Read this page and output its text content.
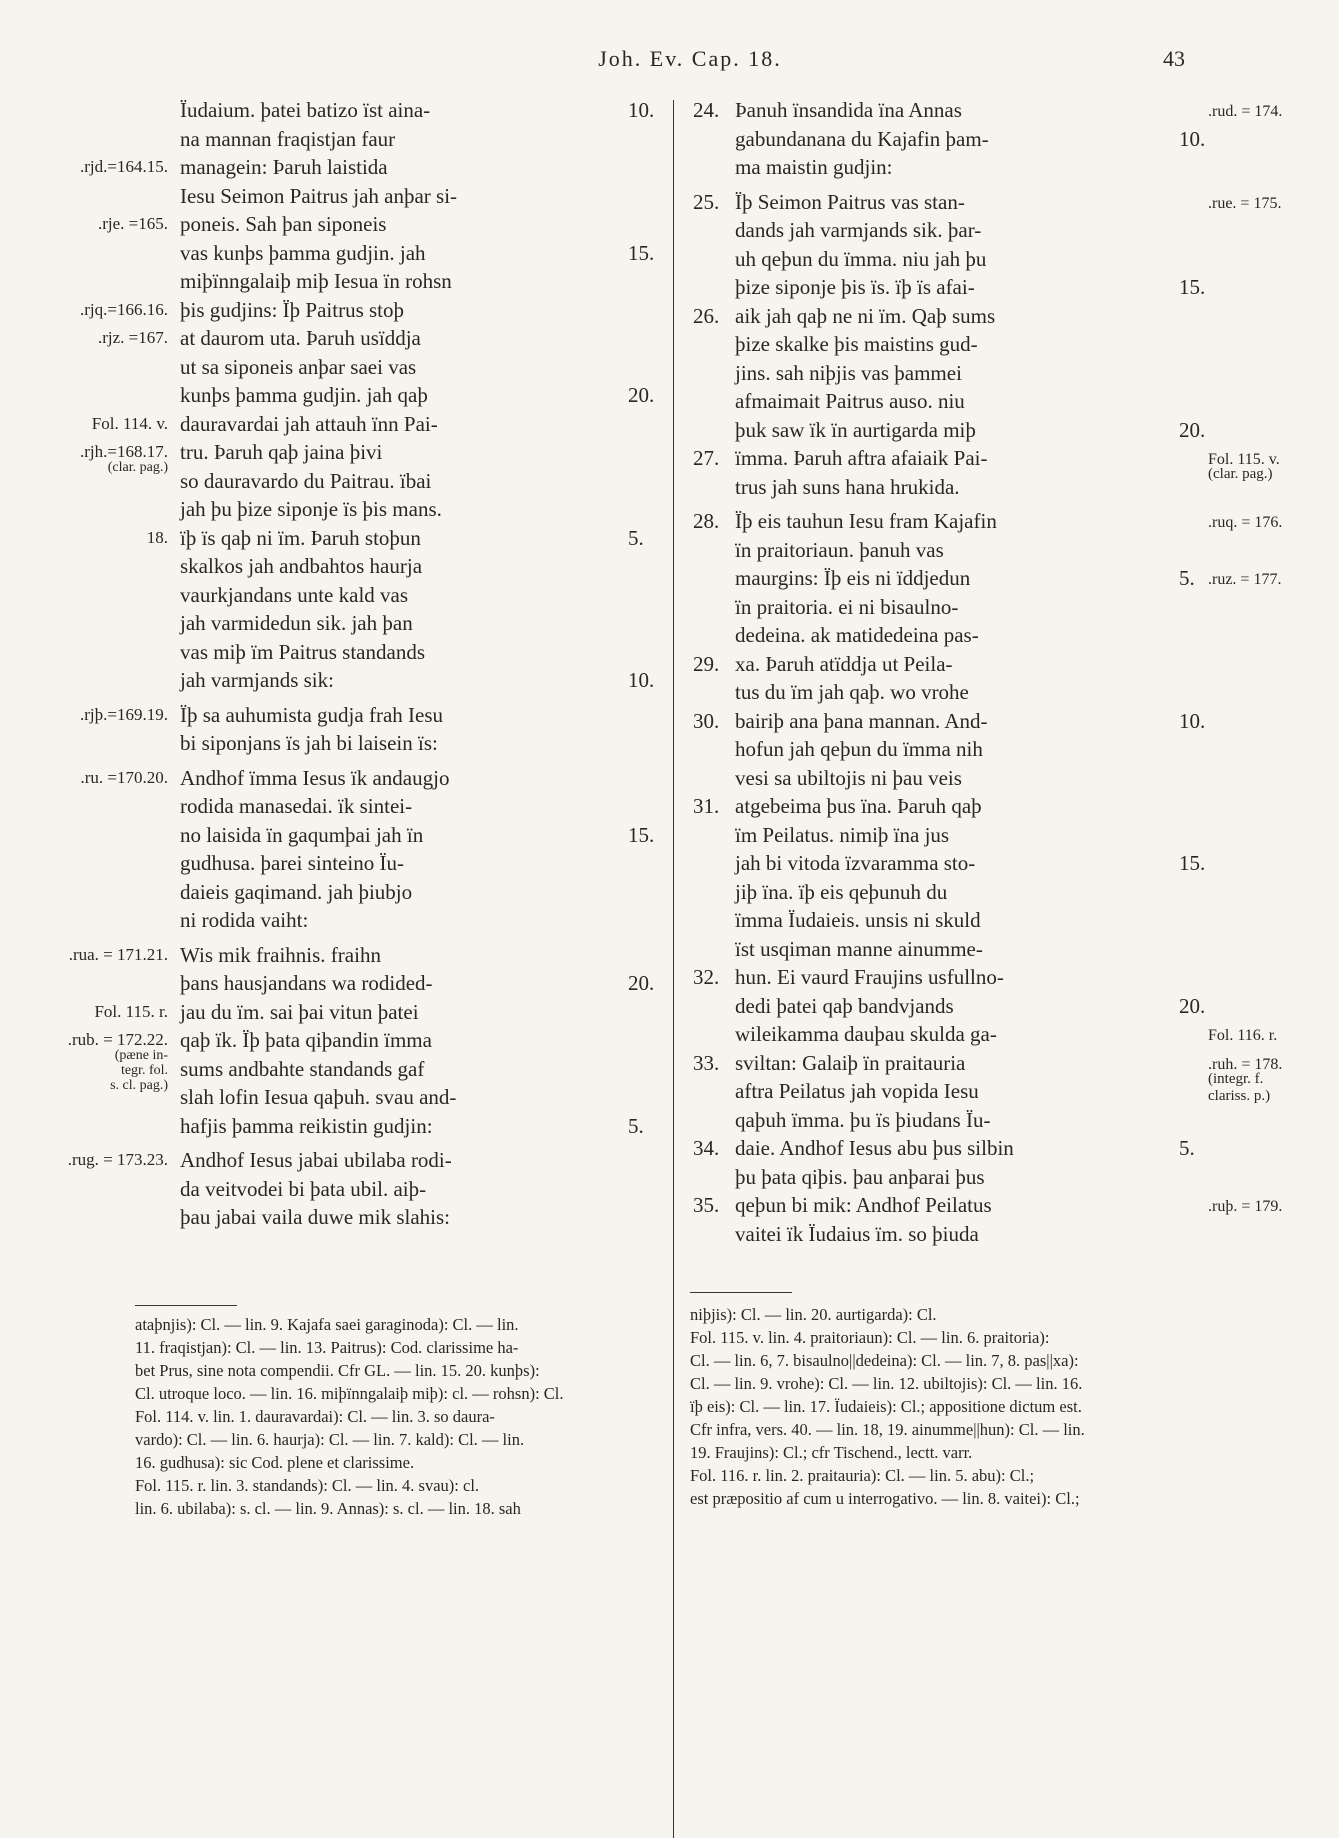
Joh. Ev. Cap. 18.	43
Ïudaium. þatei batizo ïst aina-	10.
na mannan fraqistjan faur
managein: Þaruh laistida
.rjd.=164.15.
Iesu Seimon Paitrus jah anþar si-
poneis. Sah þan siponeis
.rje. =165.
vas kunþs þamma gudjin. jah	15.
miþïnngalaiþ miþ Iesua ïn rohsn
þis gudjins: Ïþ Paitrus stoþ
.rjq.=166.16.
at daurom uta. Þaruh usïddja
.rjz. =167.
ut sa siponeis anþar saei vas
kunþs þamma gudjin. jah qaþ	20.
dauravardai jah attauh ïnn Pai-
Fol. 114. v.
tru. Þaruh qaþ jaina þivi
.rjh.=168.17.
(clar. pag.)
so dauravardo du Paitrau. ïbai
jah þu þize siponje ïs þis mans.
ïþ ïs qaþ ni ïm. Þaruh stoþun	5.
18.
skalkos jah andbahtos haurja
vaurkjandans unte kald vas
jah varmidedun sik. jah þan
vas miþ ïm Paitrus standands
jah varmjands sik:	10.
Ïþ sa auhumista gudja frah Iesu
.rjþ.=169.19.
bi siponjans ïs jah bi laisein ïs:
Andhof ïmma Iesus ïk andaugjo
.ru. =170.20.
rodida manasedai. ïk sintei-
no laisida ïn gaqumþai jah ïn	15.
gudhusa. þarei sinteino Ïu-
daieis gaqimand. jah þiubjo
ni rodida vaiht:
Wis mik fraihnis. fraihn
.rua. = 171.21.
þans hausjandans wa rodided-	20.
jau du ïm. sai þai vitun þatei
Fol. 115. r.
qaþ ïk. Ïþ þata qiþandin ïmma
.rub. = 172.22.
(pæne in-
tegr. fol.
s. cl. pag.)
sums andbahte standands gaf
slah lofin Iesua qaþuh. svau and-
hafjis þamma reikistin gudjin:	5.
Andhof Iesus jabai ubilaba rodi-
.rug. = 173.23.
da veitvodei bi þata ubil. aiþ-
þau jabai vaila duwe mik slahis:
24. Þanuh ïnsandida ïna Annas	.rud. = 174.
gabundanana du Kajafin þam-	10.
ma maistin gudjin:
25. Ïþ Seimon Paitrus vas stan-	.rue. = 175.
dands jah varmjands sik. þar-
uh qeþun du ïmma. niu jah þu
þize siponje þis ïs. ïþ ïs afai-	15.
26. aik jah qaþ ne ni ïm. Qaþ sums
þize skalke þis maistins gud-
jins. sah niþjis vas þammei
afmaimait Paitrus auso. niu
þuk saw ïk ïn aurtigarda miþ	20.
27. ïmma. Þaruh aftra afaiaik Pai-	Fol. 115. v.
(clar. pag.)
trus jah suns hana hrukida.
28. Ïþ eis tauhun Iesu fram Kajafin	.ruq. = 176.
ïn praitoriaun. þanuh vas
maurgins: Ïþ eis ni ïddjedun	5. .ruz. = 177.
ïn praitoria. ei ni bisaulno-
dedeina. ak matidedeina pas-
29. xa. Þaruh atïddja ut Peila-
tus du ïm jah qaþ. wo vrohe
30. bairiþ ana þana mannan. And-	10.
hofun jah qeþun du ïmma nih
vesi sa ubiltojis ni þau veis
31. atgebeima þus ïna. Þaruh qaþ
ïm Peilatus. nimiþ ïna jus
jah bi vitoda ïzvaramma sto-	15.
jiþ ïna. ïþ eis qeþunuh du
ïmma Ïudaieis. unsis ni skuld
ïst usqiman manne ainumme-
32. hun. Ei vaurd Fraujins usfullno-
dedi þatei qaþ bandvjands	20.
wileikamma dauþau skulda ga-	Fol. 116. r.
33. sviltan: Galaiþ ïn praitauria	.ruh. = 178.
(integr. f.
clariss. p.)
aftra Peilatus jah vopida Iesu
qaþuh ïmma. þu ïs þiudans Ïu-
34. daie. Andhof Iesus abu þus silbin	5.
þu þata qiþis. þau anþarai þus
35. qeþun bi mik: Andhof Peilatus	.ruþ. = 179.
vaitei ïk Ïudaius ïm. so þiuda

ataþnjis): Cl. — lin. 9. Kajafa saei garaginoda): Cl. — lin.

11. fraqistjan): Cl. — lin. 13. Paitrus): Cod. clarissime ha-

bet Prus, sine nota compendii. Cfr GL. — lin. 15. 20. kunþs):

Cl. utroque loco. — lin. 16. miþïnngalaiþ miþ): cl. — rohsn): Cl.

Fol. 114. v. lin. 1. dauravardai): Cl. — lin. 3. so daura-

vardo): Cl. — lin. 6. haurja): Cl. — lin. 7. kald): Cl. — lin.

16. gudhusa): sic Cod. plene et clarissime.

Fol. 115. r. lin. 3. standands): Cl. — lin. 4. svau): cl.

lin. 6. ubilaba): s. cl. — lin. 9. Annas): s. cl. — lin. 18. sah

niþjis): Cl. — lin. 20. aurtigarda): Cl.

Fol. 115. v. lin. 4. praitoriaun): Cl. — lin. 6. praitoria):

Cl. — lin. 6, 7. bisaulno||dedeina): Cl. — lin. 7, 8. pas||xa):

Cl. — lin. 9. vrohe): Cl. — lin. 12. ubiltojis): Cl. — lin. 16.

ïþ eis): Cl. — lin. 17. Ïudaieis): Cl.; appositione dictum est.

Cfr infra, vers. 40. — lin. 18, 19. ainumme||hun): Cl. — lin.

19. Fraujins): Cl.; cfr Tischend., lectt. varr.

Fol. 116. r. lin. 2. praitauria): Cl. — lin. 5. abu): Cl.;

est præpositio af cum u interrogativo. — lin. 8. vaitei): Cl.;
